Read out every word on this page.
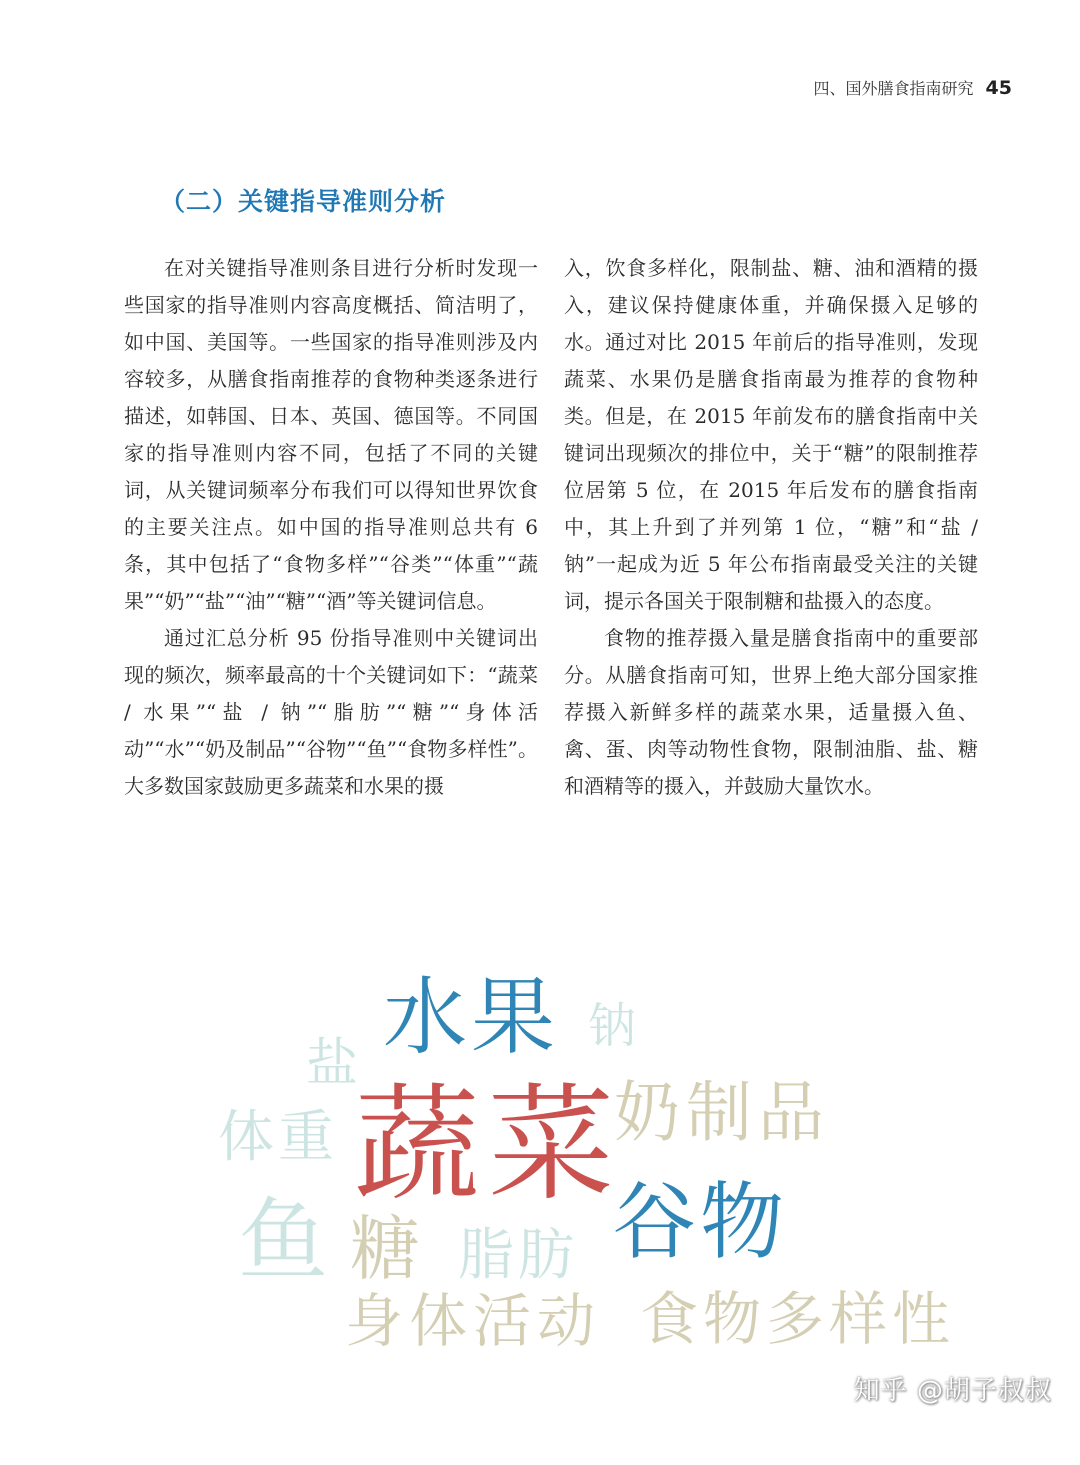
四、国外膳食指南研究 45
（二）关键指导准则分析

在对关键指导准则条目进行分析时发现一些国家的指导准则内容高度概括、简洁明了，如中国、美国等。一些国家的指导准则涉及内容较多，从膳食指南推荐的食物种类逐条进行描述，如韩国、日本、英国、德国等。不同国家的指导准则内容不同，包括了不同的关键词，从关键词频率分布我们可以得知世界饮食的主要关注点。如中国的指导准则总共有 6 条，其中包括了“食物多样”“谷类”“体重”“蔬果”“奶”“盐”“油”“糖”“酒”等关键词信息。

通过汇总分析 95 份指导准则中关键词出现的频次，频率最高的十个关键词如下：“蔬菜 / 水果”“盐 / 钠”“脂肪”“糖”“身体活动”“水”“奶及制品”“谷物”“鱼”“食物多样性”。大多数国家鼓励更多蔬菜和水果的摄

入，饮食多样化，限制盐、糖、油和酒精的摄入，建议保持健康体重，并确保摄入足够的水。通过对比 2015 年前后的指导准则，发现蔬菜、水果仍是膳食指南最为推荐的食物种类。但是，在 2015 年前发布的膳食指南中关键词出现频次的排位中，关于“糖”的限制推荐位居第 5 位，在 2015 年后发布的膳食指南中，其上升到了并列第 1 位，“糖”和“盐 / 钠”一起成为近 5 年公布指南最受关注的关键词，提示各国关于限制糖和盐摄入的态度。

食物的推荐摄入量是膳食指南中的重要部分。从膳食指南可知，世界上绝大部分国家推荐摄入新鲜多样的蔬菜水果，适量摄入鱼、禽、蛋、肉等动物性食物，限制油脂、盐、糖和酒精等的摄入，并鼓励大量饮水。

水果 钠
盐
蔬菜
奶制品
体重
谷物
鱼 糖 脂肪
身体活动 食物多样性
知乎 @胡子叔叔
